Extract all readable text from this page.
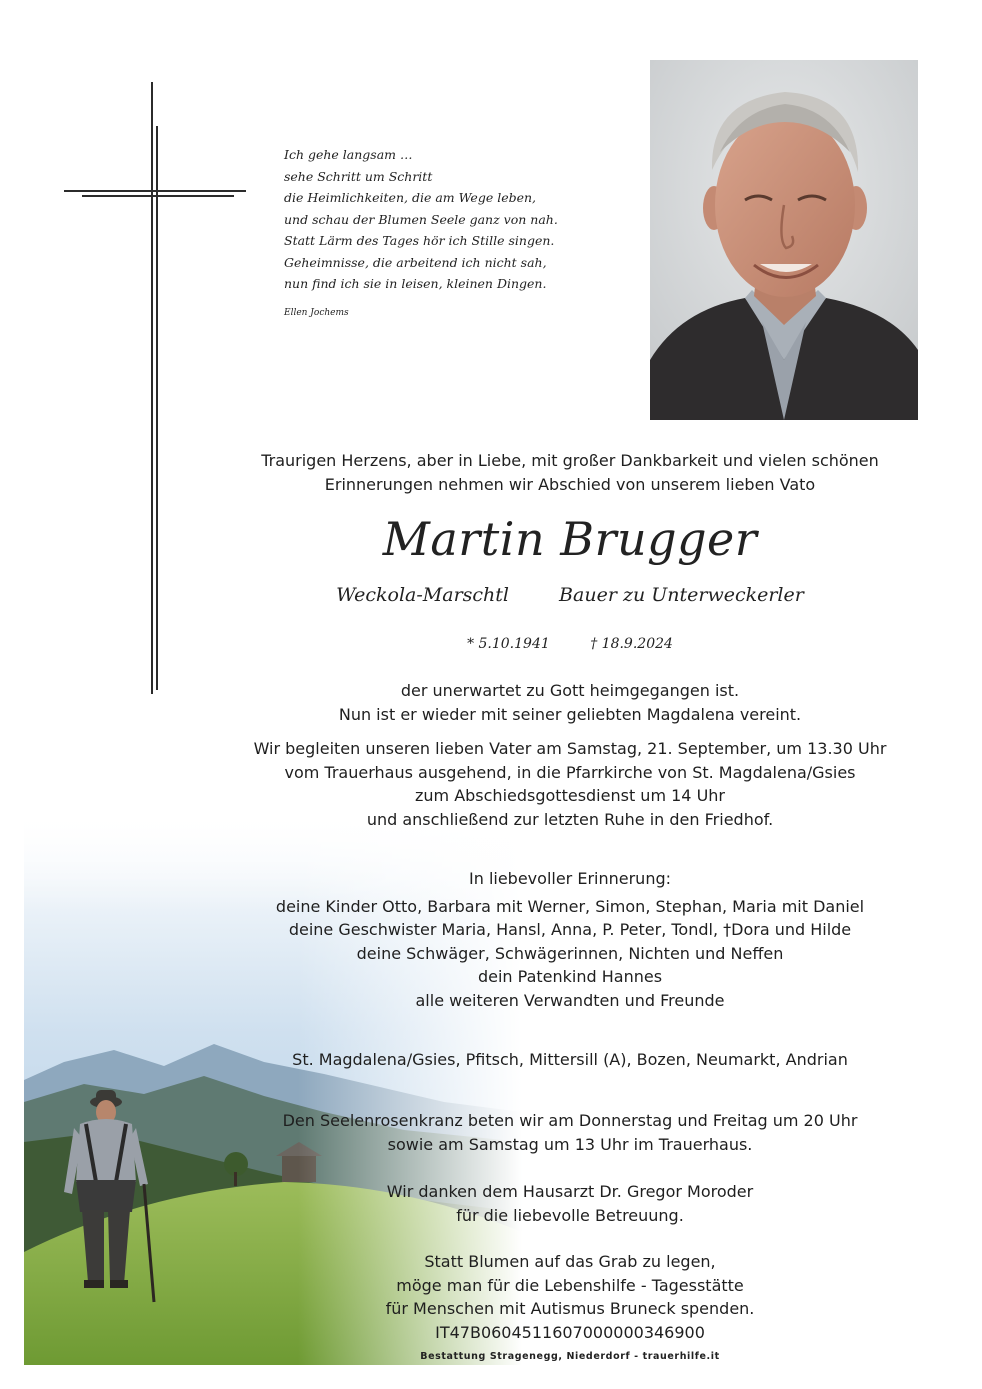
Ich gehe langsam …
sehe Schritt um Schritt
die Heimlichkeiten, die am Wege leben,
und schau der Blumen Seele ganz von nah.
Statt Lärm des Tages hör ich Stille singen.
Geheimnisse, die arbeitend ich nicht sah,
nun find ich sie in leisen, kleinen Dingen.
Ellen Jochems
Traurigen Herzens, aber in Liebe, mit großer Dankbarkeit und vielen schönen
Erinnerungen nehmen wir Abschied von unserem lieben Vato
Martin Brugger
Weckola-Marschtl	Bauer zu Unterweckerler
* 5.10.1941	† 18.9.2024
der unerwartet zu Gott heimgegangen ist.
Nun ist er wieder mit seiner geliebten Magdalena vereint.
Wir begleiten unseren lieben Vater am Samstag, 21. September, um 13.30 Uhr
vom Trauerhaus ausgehend, in die Pfarrkirche von St. Magdalena/Gsies
zum Abschiedsgottesdienst um 14 Uhr
und anschließend zur letzten Ruhe in den Friedhof.
In liebevoller Erinnerung:
deine Kinder Otto, Barbara mit Werner, Simon, Stephan, Maria mit Daniel
deine Geschwister Maria, Hansl, Anna, P. Peter, Tondl, †Dora und Hilde
deine Schwäger, Schwägerinnen, Nichten und Neffen
dein Patenkind Hannes
alle weiteren Verwandten und Freunde
St. Magdalena/Gsies, Pfitsch, Mittersill (A), Bozen, Neumarkt, Andrian
Den Seelenrosenkranz beten wir am Donnerstag und Freitag um 20 Uhr
sowie am Samstag um 13 Uhr im Trauerhaus.
Wir danken dem Hausarzt Dr. Gregor Moroder
für die liebevolle Betreuung.
Statt Blumen auf das Grab zu legen,
möge man für die Lebenshilfe - Tagesstätte
für Menschen mit Autismus Bruneck spenden.
IT47B0604511607000000346900
Bestattung Stragenegg, Niederdorf - trauerhilfe.it
